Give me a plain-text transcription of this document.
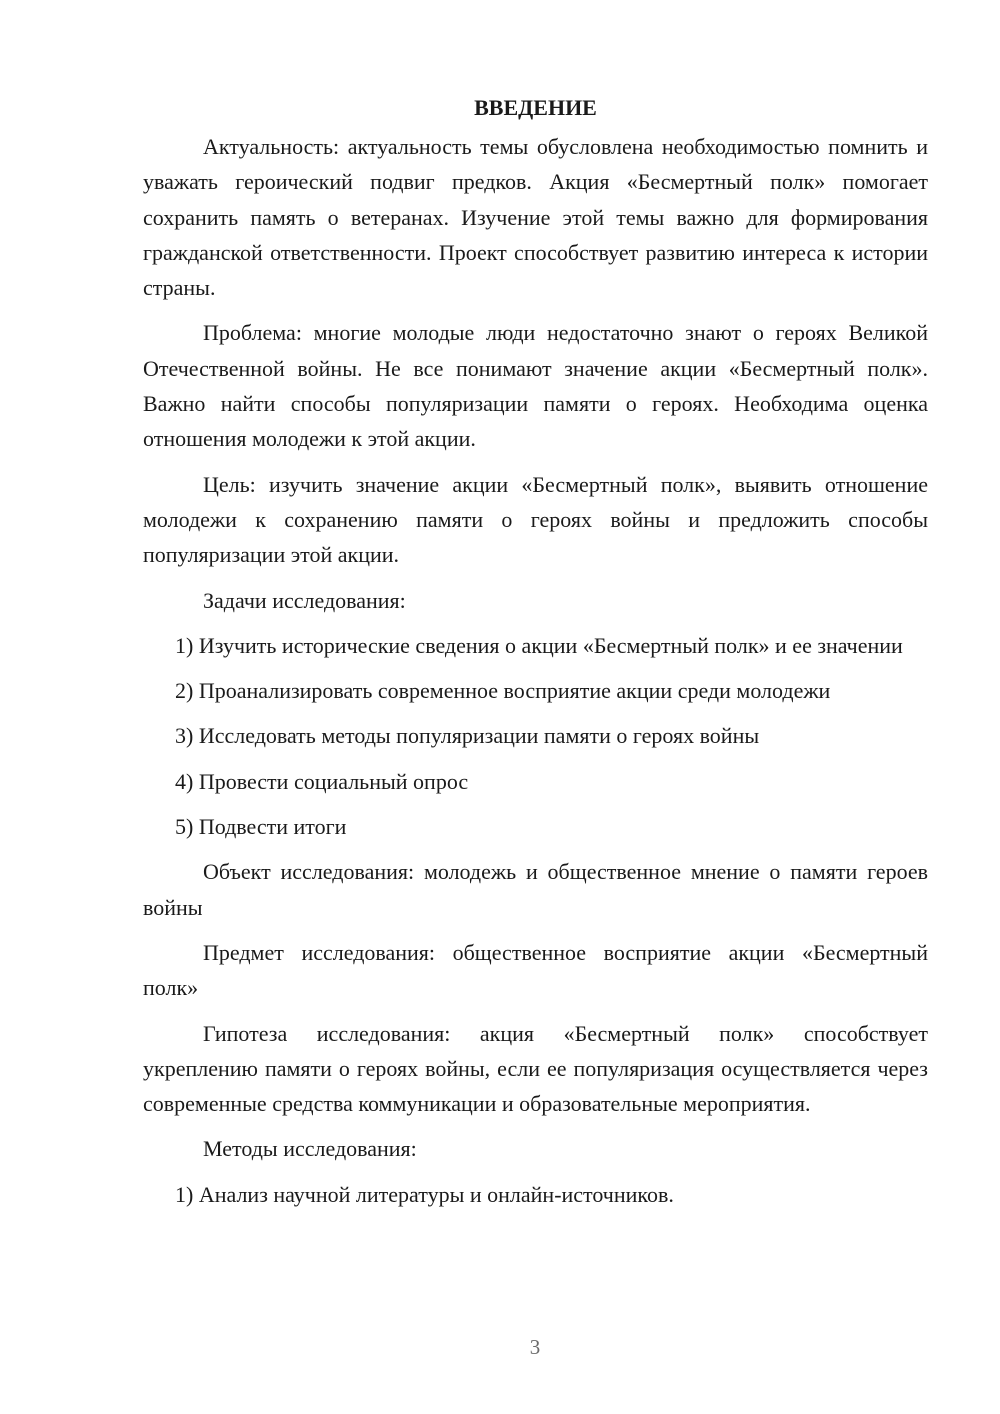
ВВЕДЕНИЕ

Актуальность: актуальность темы обусловлена необходимостью помнить и уважать героический подвиг предков. Акция «Бесмертный полк» помогает сохранить память о ветеранах. Изучение этой темы важно для формирования гражданской ответственности. Проект способствует развитию интереса к истории страны.

Проблема: многие молодые люди недостаточно знают о героях Великой Отечественной войны. Не все понимают значение акции «Бесмертный полк». Важно найти способы популяризации памяти о героях. Необходима оценка отношения молодежи к этой акции.

Цель: изучить значение акции «Бесмертный полк», выявить отношение молодежи к сохранению памяти о героях войны и предложить способы популяризации этой акции.

Задачи исследования:

1) Изучить исторические сведения о акции «Бесмертный полк» и ее значении

2) Проанализировать современное восприятие акции среди молодежи

3) Исследовать методы популяризации памяти о героях войны

4) Провести социальный опрос

5) Подвести итоги

Объект исследования: молодежь и общественное мнение о памяти героев войны

Предмет исследования: общественное восприятие акции «Бесмертный полк»

Гипотеза исследования: акция «Бесмертный полк» способствует укреплению памяти о героях войны, если ее популяризация осуществляется через современные средства коммуникации и образовательные мероприятия.

Методы исследования:

1) Анализ научной литературы и онлайн-источников.

3
